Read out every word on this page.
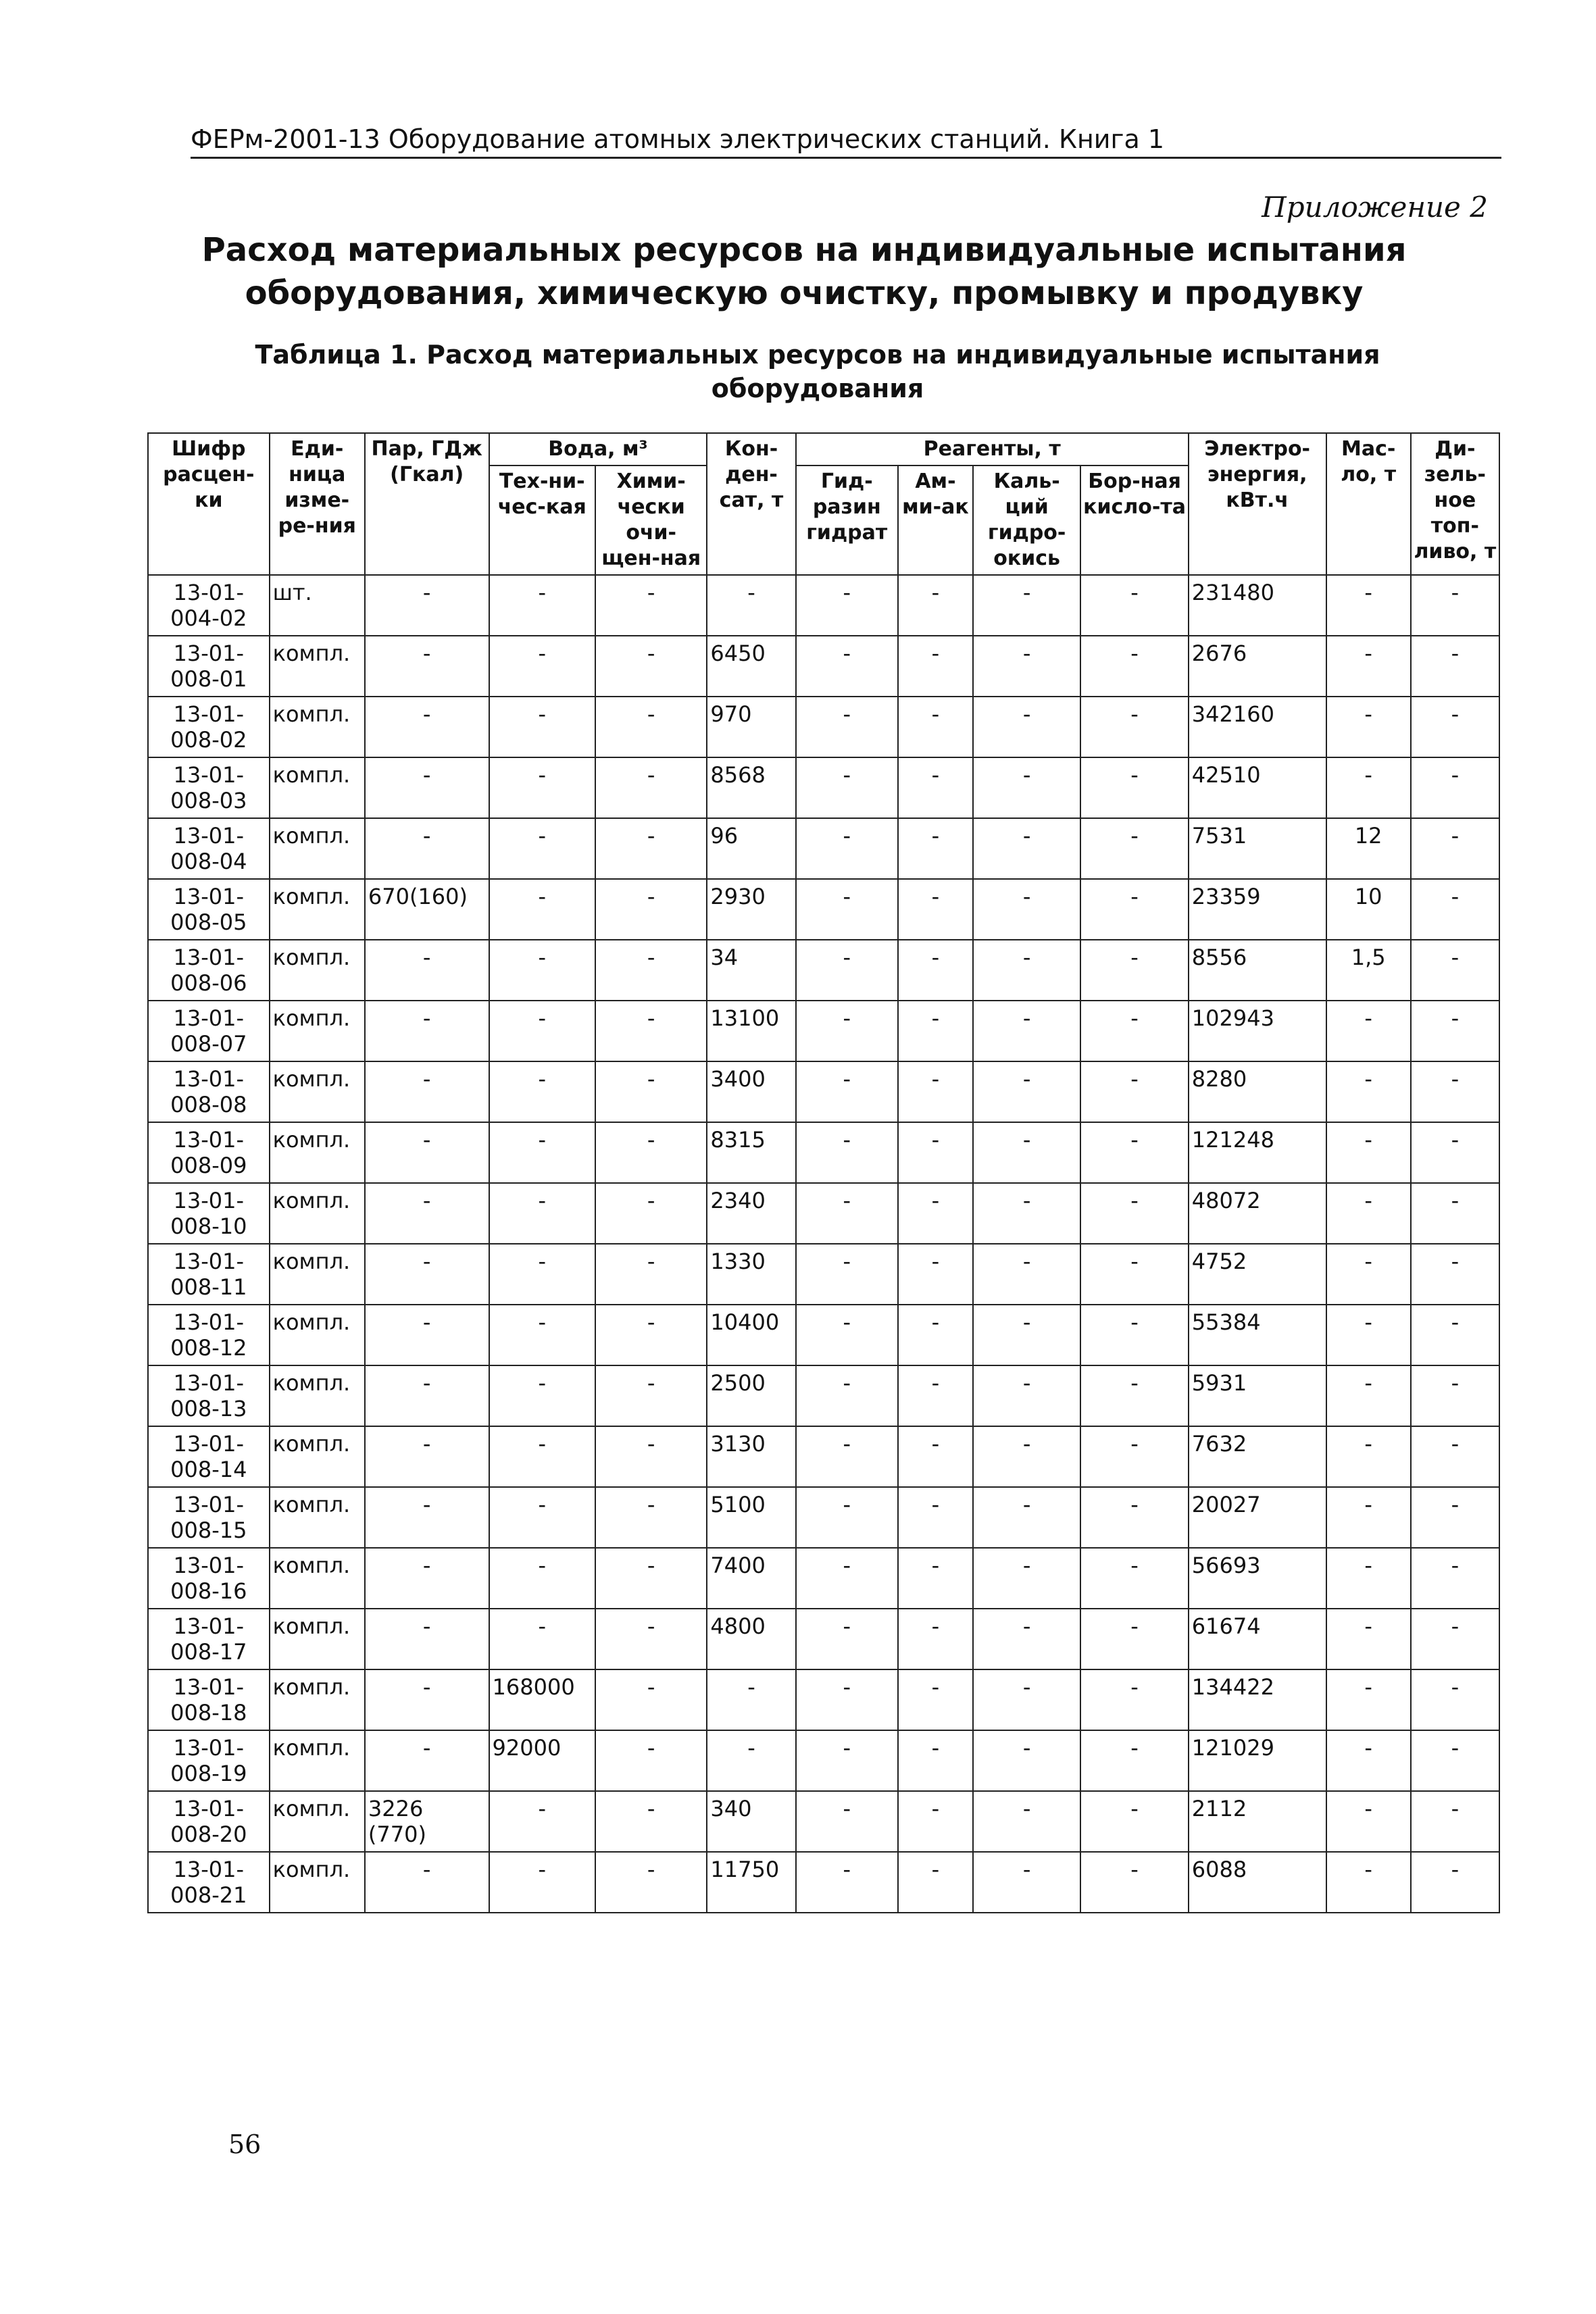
ФЕРм-2001-13 Оборудование атомных электрических станций. Книга 1
Приложение 2
Расход материальных ресурсов на индивидуальные испытания оборудования, химическую очистку, промывку и продувку
Таблица 1. Расход материальных ресурсов на индивидуальные испытания оборудования
Шифр расцен-ки	Еди-ница изме-ре-ния	Пар, ГДж (Гкал)	Вода, м³		Кон-ден-сат, т	Реагенты, т				Электро-энергия, кВт.ч	Мас-ло, т	Ди-зель-ное топ-ливо, т
			Тех-ни-чес-кая	Хими-чески очи-щен-ная		Гид-разин гидрат	Ам-ми-ак	Каль-ций гидро-окись	Бор-ная кисло-та			
13-01-004-02	шт.	-	-	-	-	-	-	-	-	231480	-	-
13-01-008-01	компл.	-	-	-	6450	-	-	-	-	2676	-	-
13-01-008-02	компл.	-	-	-	970	-	-	-	-	342160	-	-
13-01-008-03	компл.	-	-	-	8568	-	-	-	-	42510	-	-
13-01-008-04	компл.	-	-	-	96	-	-	-	-	7531	12	-
13-01-008-05	компл.	670(160)	-	-	2930	-	-	-	-	23359	10	-
13-01-008-06	компл.	-	-	-	34	-	-	-	-	8556	1,5	-
13-01-008-07	компл.	-	-	-	13100	-	-	-	-	102943	-	-
13-01-008-08	компл.	-	-	-	3400	-	-	-	-	8280	-	-
13-01-008-09	компл.	-	-	-	8315	-	-	-	-	121248	-	-
13-01-008-10	компл.	-	-	-	2340	-	-	-	-	48072	-	-
13-01-008-11	компл.	-	-	-	1330	-	-	-	-	4752	-	-
13-01-008-12	компл.	-	-	-	10400	-	-	-	-	55384	-	-
13-01-008-13	компл.	-	-	-	2500	-	-	-	-	5931	-	-
13-01-008-14	компл.	-	-	-	3130	-	-	-	-	7632	-	-
13-01-008-15	компл.	-	-	-	5100	-	-	-	-	20027	-	-
13-01-008-16	компл.	-	-	-	7400	-	-	-	-	56693	-	-
13-01-008-17	компл.	-	-	-	4800	-	-	-	-	61674	-	-
13-01-008-18	компл.	-	168000	-	-	-	-	-	-	134422	-	-
13-01-008-19	компл.	-	92000	-	-	-	-	-	-	121029	-	-
13-01-008-20	компл.	3226 (770)	-	-	340	-	-	-	-	2112	-	-
13-01-008-21	компл.	-	-	-	11750	-	-	-	-	6088	-	-
56
